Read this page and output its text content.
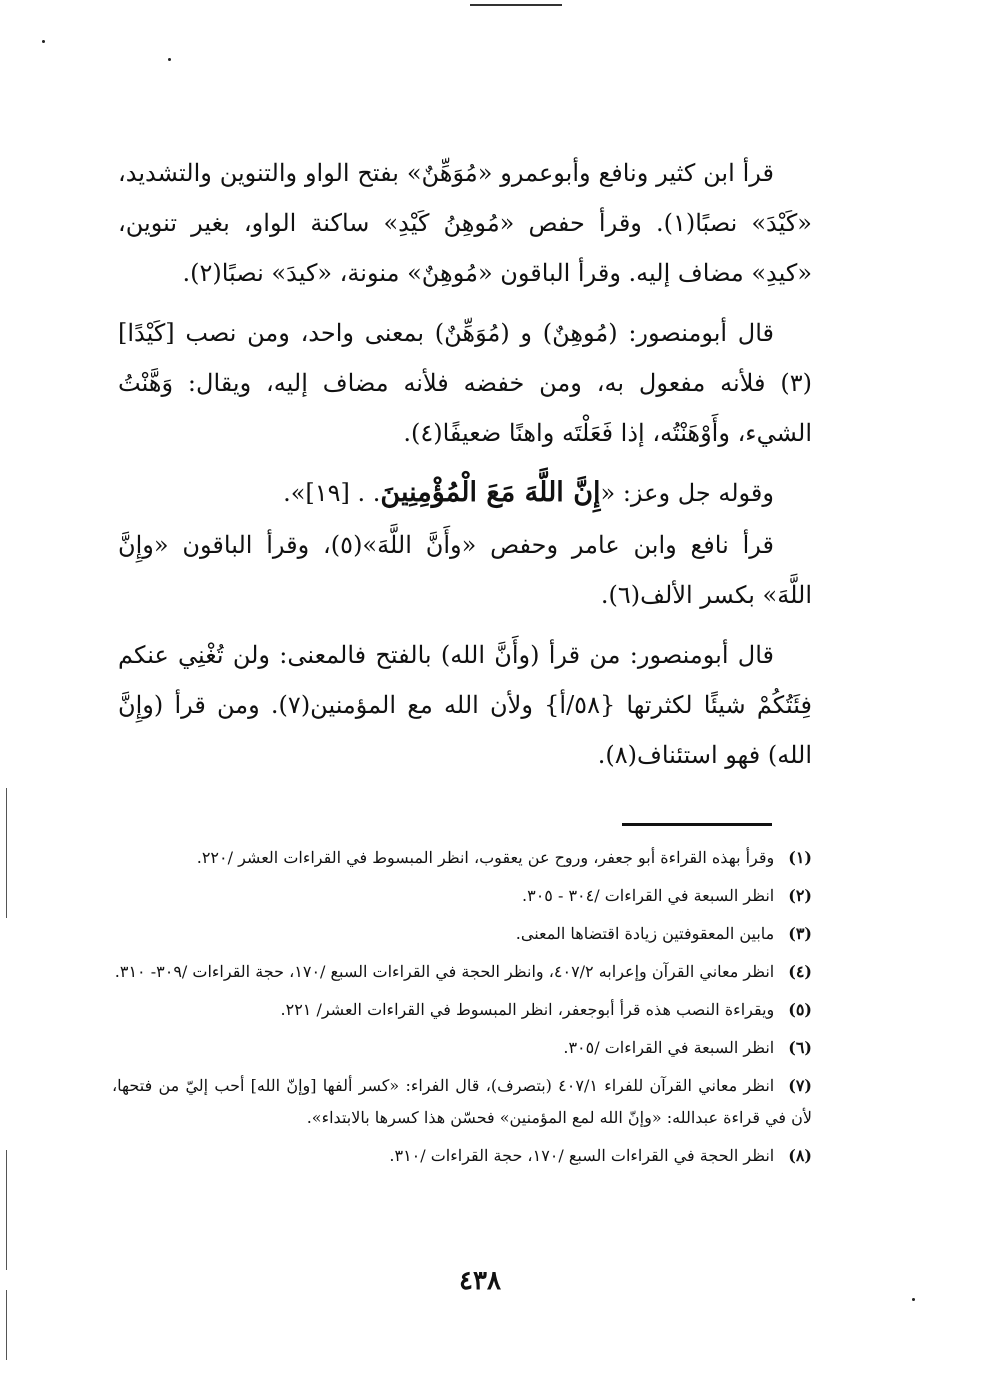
قرأ ابن كثير ونافع وأبوعمرو «مُوَهِّنٌ» بفتح الواو والتنوين والتشديد، «كَيْدَ» نصبًا(١). وقرأ حفص «مُوهِنُ كَيْدِ» ساكنة الواو، بغير تنوين، «كيدِ» مضاف إليه. وقرأ الباقون «مُوهِنٌ» منونة، «كيدَ» نصبًا(٢).

قال أبومنصور: (مُوهِنٌ) و (مُوَهِّنٌ) بمعنى واحد، ومن نصب [كَيْدًا](٣) فلأنه مفعول به، ومن خفضه فلأنه مضاف إليه، ويقال: وَهَّنْتُ الشيء، وأَوْهَنْتُه، إذا فَعَلْتَه واهنًا ضعيفًا(٤).

وقوله جل وعز: «إِنَّ اللَّهَ مَعَ الْمُؤْمِنِينَ. . [١٩]».

قرأ نافع وابن عامر وحفص «وأَنَّ اللَّهَ»(٥)، وقرأ الباقون «وإِنَّ اللَّهَ» بكسر الألف(٦).

قال أبومنصور: من قرأ (وأَنَّ الله) بالفتح فالمعنى: ولن تُغْنِي عنكم فِئَتُكُمْ شيئًا لكثرتها {٥٨/أ} ولأن الله مع المؤمنين(٧). ومن قرأ (وإِنَّ الله) فهو استئناف(٨).

(١)وقرأ بهذه القراءة أبو جعفر، وروح عن يعقوب، انظر المبسوط في القراءات العشر /٢٢٠.
(٢)انظر السبعة في القراءات /٣٠٤ - ٣٠٥.
(٣)مابين المعقوفتين زيادة اقتضاها المعنى.
(٤)انظر معاني القرآن وإعرابه ٤٠٧/٢، وانظر الحجة في القراءات السبع /١٧٠، حجة القراءات /٣٠٩- ٣١٠.
(٥)ويقراءة النصب هذه قرأ أبوجعفر، انظر المبسوط في القراءات العشر/ ٢٢١.
(٦)انظر السبعة في القراءات /٣٠٥.
(٧)انظر معاني القرآن للفراء ٤٠٧/١ (بتصرف)، قال الفراء: «كسر ألفها [وإنّ الله] أحب إليّ من فتحها، لأن في قراءة عبدالله: «وإنّ الله لمع المؤمنين» فحسّن هذا كسرها بالابتداء».
(٨)انظر الحجة في القراءات السبع /١٧٠، حجة القراءات /٣١٠.
٤٣٨
